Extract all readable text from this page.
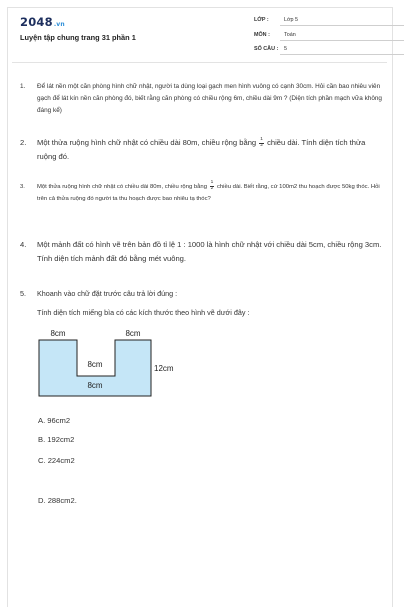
2048.vn
Luyện tập chung trang 31 phần 1
LỚP :	Lớp 5
MÔN :	Toán
SỐ CÂU : 5
1. Để lát nền một căn phòng hình chữ nhật, người ta dùng loại gạch men hình vuông có cạnh 30cm. Hỏi cần bao nhiêu viên gạch để lát kín nền căn phòng đó, biết rằng căn phòng có chiều rộng 6m, chiều dài 9m ? (Diện tích phần mạch vữa không đáng kể)
2. Một thửa ruộng hình chữ nhật có chiều dài 80m, chiều rộng bằng $\frac{1}{2}$ chiều dài. Tính diện tích thửa ruộng đó.
3. Một thửa ruộng hình chữ nhật có chiều dài 80m, chiều rộng bằng $\frac{1}{2}$ chiều dài. Biết rằng, cứ 100m2 thu hoạch được 50kg thóc. Hỏi trên cả thửa ruộng đó người ta thu hoạch được bao nhiêu tạ thóc?
4. Một mảnh đất có hình vẽ trên bản đồ tỉ lệ 1 : 1000 là hình chữ nhật với chiều dài 5cm, chiều rộng 3cm. Tính diện tích mảnh đất đó bằng mét vuông.
5. Khoanh vào chữ đặt trước câu trả lời đúng :
Tính diện tích miếng bìa có các kích thước theo hình vẽ dưới đây :
8cm	8cm
12cm
8cm
8cm
A. 96cm2
B. 192cm2
C. 224cm2
D. 288cm2.
